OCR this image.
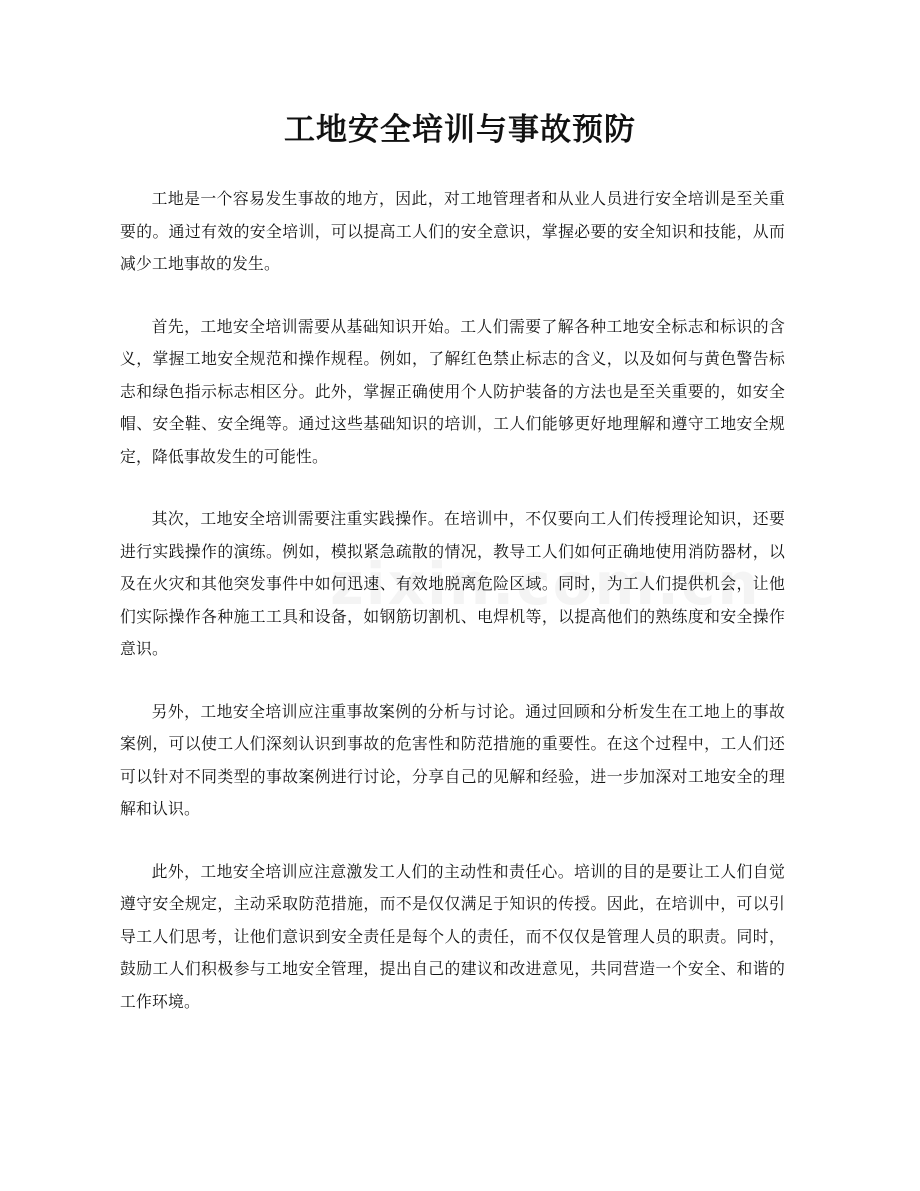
工地安全培训与事故预防

工地是一个容易发生事故的地方，因此，对工地管理者和从业人员进行安全培训是至关重要的。通过有效的安全培训，可以提高工人们的安全意识，掌握必要的安全知识和技能，从而减少工地事故的发生。

首先，工地安全培训需要从基础知识开始。工人们需要了解各种工地安全标志和标识的含义，掌握工地安全规范和操作规程。例如，了解红色禁止标志的含义，以及如何与黄色警告标志和绿色指示标志相区分。此外，掌握正确使用个人防护装备的方法也是至关重要的，如安全帽、安全鞋、安全绳等。通过这些基础知识的培训，工人们能够更好地理解和遵守工地安全规定，降低事故发生的可能性。

其次，工地安全培训需要注重实践操作。在培训中，不仅要向工人们传授理论知识，还要进行实践操作的演练。例如，模拟紧急疏散的情况，教导工人们如何正确地使用消防器材，以及在火灾和其他突发事件中如何迅速、有效地脱离危险区域。同时，为工人们提供机会，让他们实际操作各种施工工具和设备，如钢筋切割机、电焊机等，以提高他们的熟练度和安全操作意识。

另外，工地安全培训应注重事故案例的分析与讨论。通过回顾和分析发生在工地上的事故案例，可以使工人们深刻认识到事故的危害性和防范措施的重要性。在这个过程中，工人们还可以针对不同类型的事故案例进行讨论，分享自己的见解和经验，进一步加深对工地安全的理解和认识。

此外，工地安全培训应注意激发工人们的主动性和责任心。培训的目的是要让工人们自觉遵守安全规定，主动采取防范措施，而不是仅仅满足于知识的传授。因此，在培训中，可以引导工人们思考，让他们意识到安全责任是每个人的责任，而不仅仅是管理人员的职责。同时，鼓励工人们积极参与工地安全管理，提出自己的建议和改进意见，共同营造一个安全、和谐的工作环境。
